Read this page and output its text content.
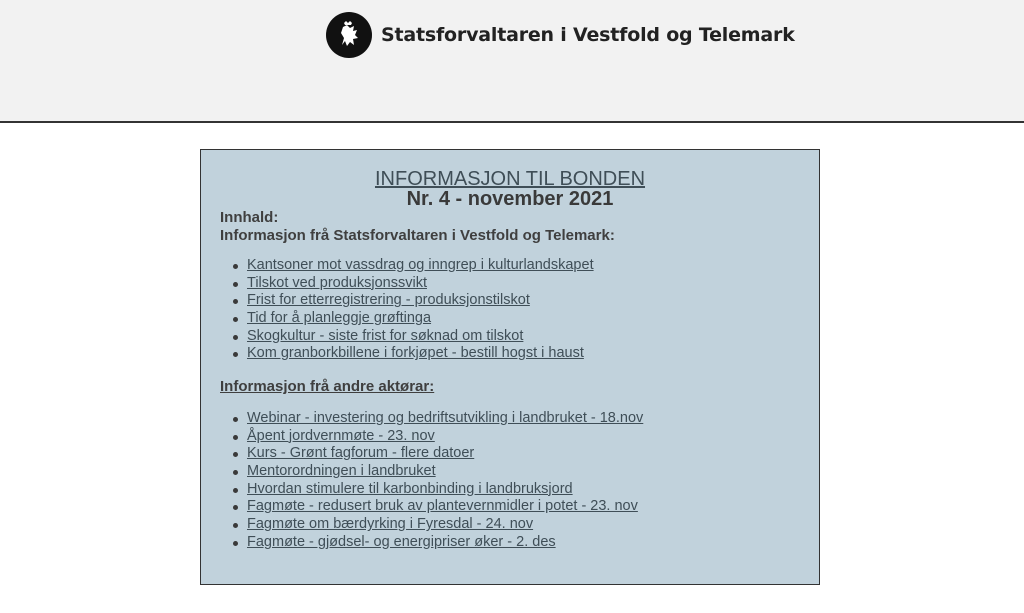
Statsforvaltaren i Vestfold og Telemark
INFORMASJON TIL BONDEN
Nr. 4 - november 2021
Innhald:
Informasjon frå Statsforvaltaren i Vestfold og Telemark:
Kantsoner mot vassdrag og inngrep i kulturlandskapet
Tilskot ved produksjonssvikt
Frist for etterregistrering - produksjonstilskot
Tid for å planleggje grøftinga
Skogkultur - siste frist for søknad om tilskot
Kom granborkbillene i forkjøpet - bestill hogst i haust
Informasjon frå andre aktørar:
Webinar - investering og bedriftsutvikling i landbruket - 18.nov
Åpent jordvernmøte - 23. nov
Kurs - Grønt fagforum - flere datoer
Mentorordningen i landbruket
Hvordan stimulere til karbonbinding i landbruksjord
Fagmøte - redusert bruk av plantevernmidler i potet - 23. nov
Fagmøte om bærdyrking i Fyresdal - 24. nov
Fagmøte - gjødsel- og energipriser øker - 2. des
